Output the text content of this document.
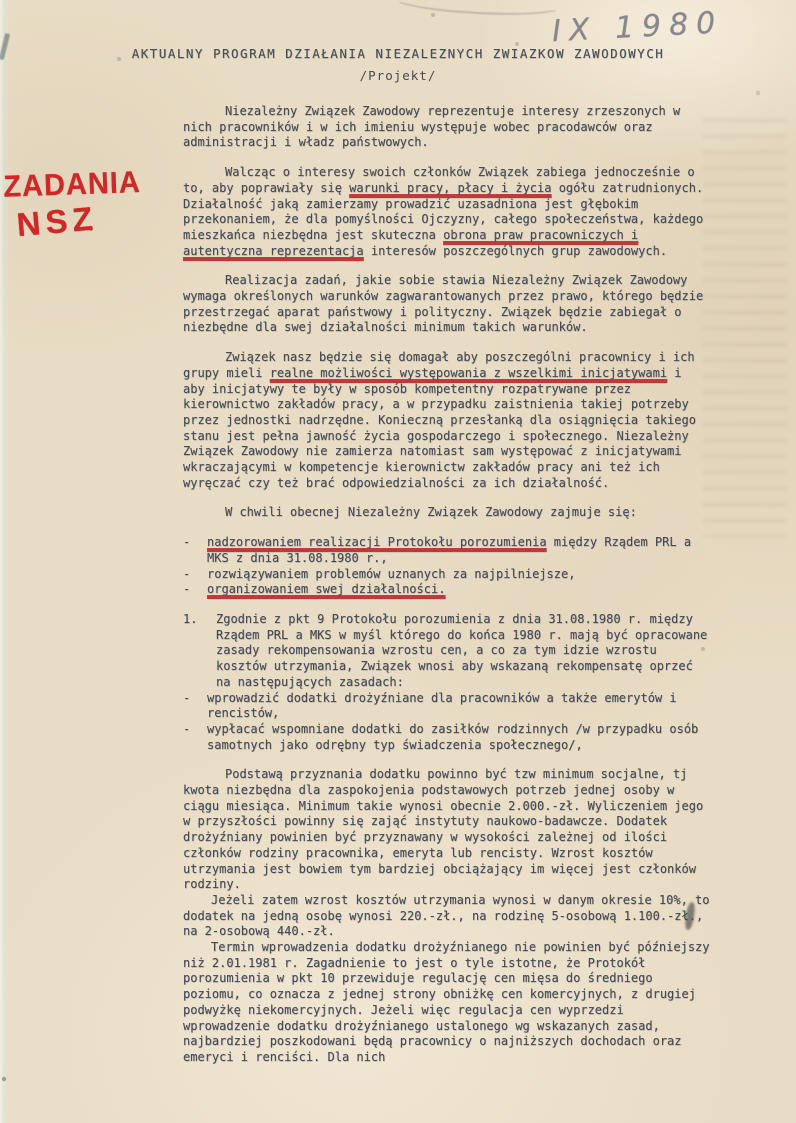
IX 1980
ZADANIA
NSZ
AKTUALNY PROGRAM DZIAŁANIA NIEZALEZNYCH ZWIAZKOW ZAWODOWYCH
/Projekt/

Niezależny Związek Zawodowy reprezentuje interesy zrzeszonych w nich pracowników i w ich imieniu występuje wobec pracodawców oraz administracji i władz państwowych.

Walcząc o interesy swoich członków Związek zabiega jednocześnie o to, aby poprawiały się warunki pracy, płacy i życia ogółu zatrudnionych. Działalność jaką zamierzamy prowadzić uzasadniona jest głębokim przekonaniem, że dla pomyślności Ojczyzny, całego społeczeństwa, każdego mieszkańca niezbędna jest skuteczna obrona praw pracowniczych i autentyczna reprezentacja interesów poszczególnych grup zawodowych.

Realizacja zadań, jakie sobie stawia Niezależny Związek Zawodowy wymaga określonych warunków zagwarantowanych przez prawo, którego będzie przestrzegać aparat państwowy i polityczny. Związek będzie zabiegał o niezbędne dla swej działalności minimum takich warunków.

Związek nasz będzie się domagał aby poszczególni pracownicy i ich grupy mieli realne możliwości występowania z wszelkimi inicjatywami i aby inicjatywy te były w sposób kompetentny rozpatrywane przez kierownictwo zakładów pracy, a w przypadku zaistnienia takiej potrzeby przez jednostki nadrzędne. Konieczną przesłanką dla osiągnięcia takiego stanu jest pełna jawność życia gospodarczego i społecznego. Niezależny Związek Zawodowy nie zamierza natomiast sam występować z inicjatywami wkraczającymi w kompetencje kierownictw zakładów pracy ani też ich wyręczać czy też brać odpowiedzialności za ich działalność.

W chwili obecnej Niezależny Związek Zawodowy zajmuje się:

- nadzorowaniem realizacji Protokołu porozumienia między Rządem PRL a MKS z dnia 31.08.1980 r.,

- rozwiązywaniem problemów uznanych za najpilniejsze,

- organizowaniem swej działalności.

1. Zgodnie z pkt 9 Protokołu porozumienia z dnia 31.08.1980 r. między Rządem PRL a MKS w myśl którego do końca 1980 r. mają być opracowane zasady rekompensowania wzrostu cen, a co za tym idzie wzrostu kosztów utrzymania, Związek wnosi aby wskazaną rekompensatę oprzeć na następujących zasadach:

- wprowadzić dodatki drożyźniane dla pracowników a także emerytów i rencistów,

- wypłacać wspomniane dodatki do zasiłków rodzinnych /w przypadku osób samotnych jako odrębny typ świadczenia społecznego/,

Podstawą przyznania dodatku powinno być tzw minimum socjalne, tj kwota niezbędna dla zaspokojenia podstawowych potrzeb jednej osoby w ciągu miesiąca. Minimum takie wynosi obecnie 2.000.-zł. Wyliczeniem jego w przyszłości powinny się zająć instytuty naukowo-badawcze. Dodatek drożyźniany powinien być przyznawany w wysokości zależnej od ilości członków rodziny pracownika, emeryta lub rencisty. Wzrost kosztów utrzymania jest bowiem tym bardziej obciążający im więcej jest członków rodziny.

Jeżeli zatem wzrost kosztów utrzymania wynosi w danym okresie 10%, to dodatek na jedną osobę wynosi 220.-zł., na rodzinę 5-osobową 1.100.-zł., na 2-osobową 440.-zł.

Termin wprowadzenia dodatku drożyźnianego nie powinien być późniejszy niż 2.01.1981 r. Zagadnienie to jest o tyle istotne, że Protokół porozumienia w pkt 10 przewiduje regulację cen mięsa do średniego poziomu, co oznacza z jednej strony obniżkę cen komercyjnych, z drugiej podwyżkę niekomercyjnych. Jeżeli więc regulacja cen wyprzedzi wprowadzenie dodatku drożyźnianego ustalonego wg wskazanych zasad, najbardziej poszkodowani będą pracownicy o najniższych dochodach oraz emeryci i renciści. Dla nich
